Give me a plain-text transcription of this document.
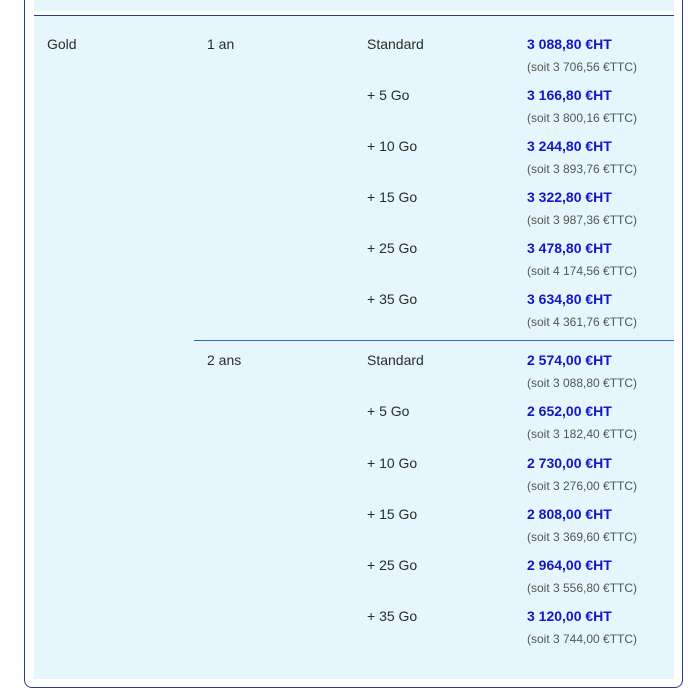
Gold	1 an	Standard	3 088,80 €HT
(soit 3 706,56 €TTC)
+ 5 Go	3 166,80 €HT
(soit 3 800,16 €TTC)
+ 10 Go	3 244,80 €HT
(soit 3 893,76 €TTC)
+ 15 Go	3 322,80 €HT
(soit 3 987,36 €TTC)
+ 25 Go	3 478,80 €HT
(soit 4 174,56 €TTC)
+ 35 Go	3 634,80 €HT
(soit 4 361,76 €TTC)
2 ans	Standard	2 574,00 €HT
(soit 3 088,80 €TTC)
+ 5 Go	2 652,00 €HT
(soit 3 182,40 €TTC)
+ 10 Go	2 730,00 €HT
(soit 3 276,00 €TTC)
+ 15 Go	2 808,00 €HT
(soit 3 369,60 €TTC)
+ 25 Go	2 964,00 €HT
(soit 3 556,80 €TTC)
+ 35 Go	3 120,00 €HT
(soit 3 744,00 €TTC)
